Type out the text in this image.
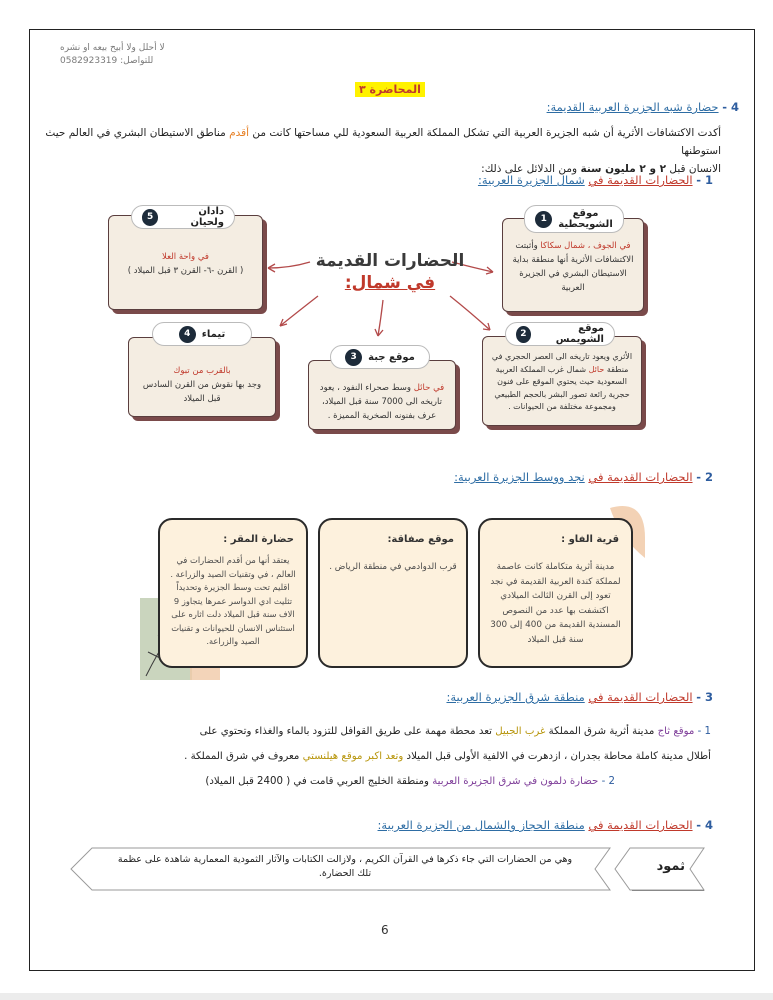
لا أحلل ولا أبيح بيعه او نشره
للتواصل: 0582923319
المحاضرة ٣
4 - حضارة شبه الجزيرة العربية القديمة:
أكدت الاكتشافات الأثرية أن شبه الجزيرة العربية التي تشكل المملكة العربية السعودية للي مساحتها كانت من أقدم مناطق الاستيطان البشري في العالم حيث استوطنها
الانسان قبل ٢ و ٢ مليون سنة ومن الدلائل على ذلك:
1 - الحضارات القديمة في شمال الجزيرة العربية:
الحضارات القديمة
في شمال:
في واحة العلا
( القرن -٦- القرن ٣ قبل الميلاد )
دادان ولحيان
5
في الجوف ، شمال سكاكا وأثبتت الاكتشافات الأثرية أنها منطقة بداية الاستيطان البشري في الجزيرة العربية
موقع
الشويحطية
1
بالقرب من تبوك
وجد بها نقوش من القرن السادس قبل الميلاد
تيماء
4
في حائل وسط صحراء النفود ، يعود تاريخه الى 7000 سنة قبل الميلاد، عرف بفنونه الصخرية المميزة .
موقع جبة
3	الأثري ويعود تاريخه الى العصر الحجري في منطقة حائل شمال غرب المملكة العربية السعودية حيث يحتوي الموقع على فنون حجرية رائعة تصور البشر بالحجم الطبيعي ومجموعة مختلفة من الحيوانات .
موقع الشويمس
2
2 - الحضارات القديمة في نجد ووسط الجزيرة العربية:
قرية الفاو :
مدينة أثرية متكاملة كانت عاصمة لمملكة كندة العربية القديمة في نجد تعود إلى القرن الثالث الميلادي اكتشفت بها عدد من النصوص المسندية القديمة من 400 إلى 300 سنة قبل الميلاد
موقع صفاقة:
قرب الدوادمي في منطقة الرياض .
حضارة المقر :
يعتقد أنها من أقدم الحضارات في العالم ، في وتقنيات الصيد والزراعة . اقليم تحت وسط الجزيرة وتحديداً تثليث ادي الدواسر عمرها يتجاوز 9 الاف سنة قبل الميلاد دلت اثاره على استئناس الانسان للحيوانات و تقنيات الصيد والزراعة.
3 - الحضارات القديمة في منطقة شرق الجزيرة العربية:
1 - موقع ثاج مدينة أثرية شرق المملكة غرب الجبيل تعد محطة مهمة على طريق القوافل للتزود بالماء والغذاء وتحتوي على
أطلال مدينة كاملة محاطة بجدران ، ازدهرت في الالفية الأولى قبل الميلاد وتعد اكبر موقع هيلنستي معروف في شرق المملكة .
2 - حضارة دلمون في شرق الجزيرة العربية ومنطقة الخليج العربي قامت في ( 2400 قبل الميلاد)
4 - الحضارات القديمة في منطقة الحجاز والشمال من الجزيرة العربية:
ثمود
وهي من الحضارات التي جاء ذكرها في القرآن الكريم ، ولازالت الكتابات والآثار الثمودية المعمارية شاهدة على عظمة تلك الحضارة.
6
